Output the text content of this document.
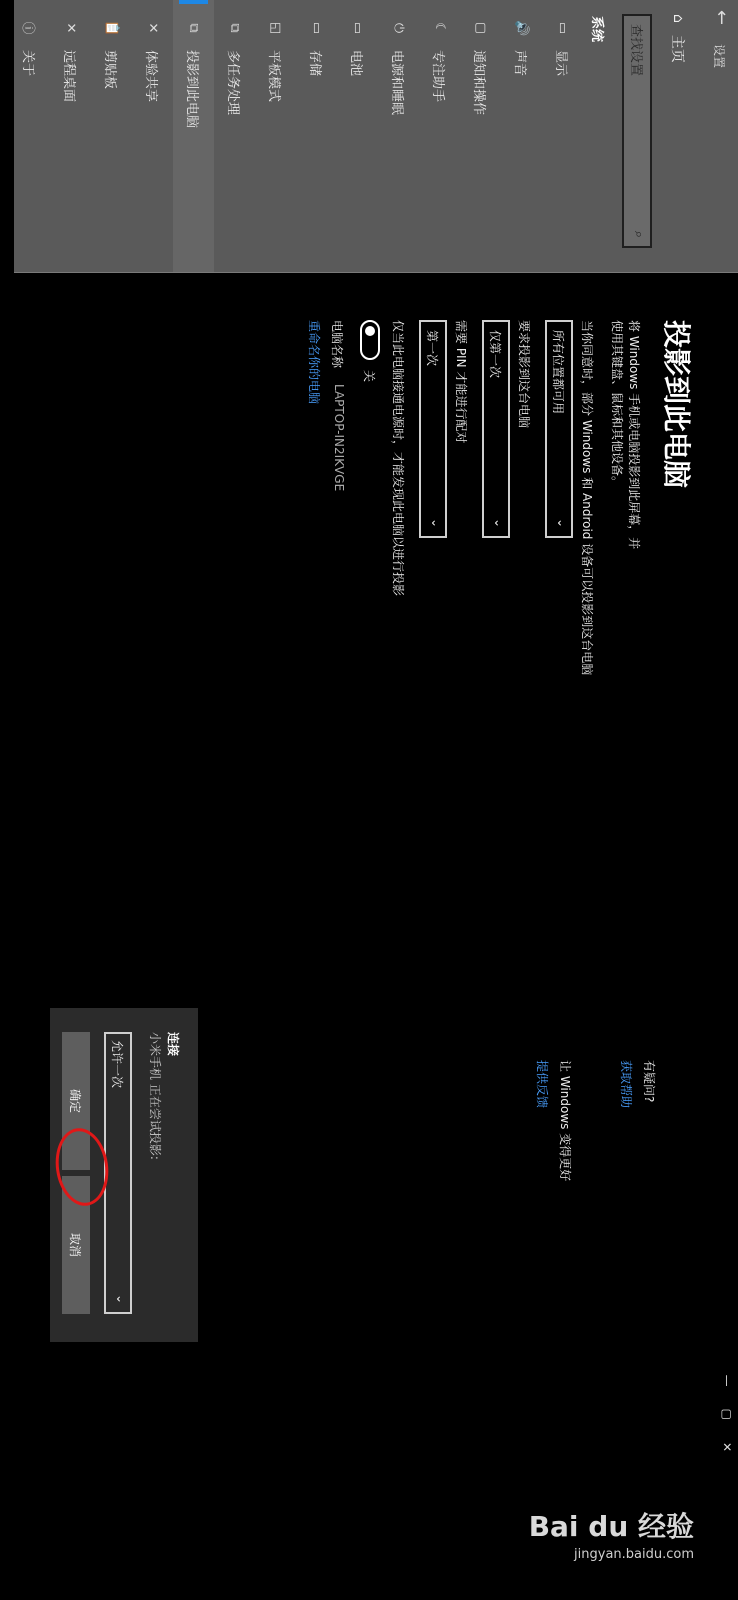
←
设置
⌂
主页
查找设置
⌕
系统
▭
显示
🔊
声音
▢
通知和操作
☾
专注助手
⏻
电源和睡眠
▭
电池
▭
存储
◱
平板模式
⧉
多任务处理
⧉
投影到此电脑
✕
体验共享
📋
剪贴板
✕
远程桌面
ⓘ
关于
投影到此电脑
将 Windows 手机或电脑投影到此屏幕，并使用其键盘、鼠标和其他设备。
当你同意时，部分 Windows 和 Android 设备可以投影到这台电脑
所有位置都可用
⌄
要求投影到这台电脑
仅第一次
⌄
需要 PIN 才能进行配对
第一次
⌄
仅当此电脑接通电源时，才能发现此电脑以进行投影
关
电脑名称
LAPTOP-IN2IKVGE
重命名你的电脑
有疑问?
获取帮助
让 Windows 变得更好
提供反馈
连接
小米手机 正在尝试投影:
允许一次
⌄
确定
取消
—
▢
✕
Bai du 经验
jingyan.baidu.com
